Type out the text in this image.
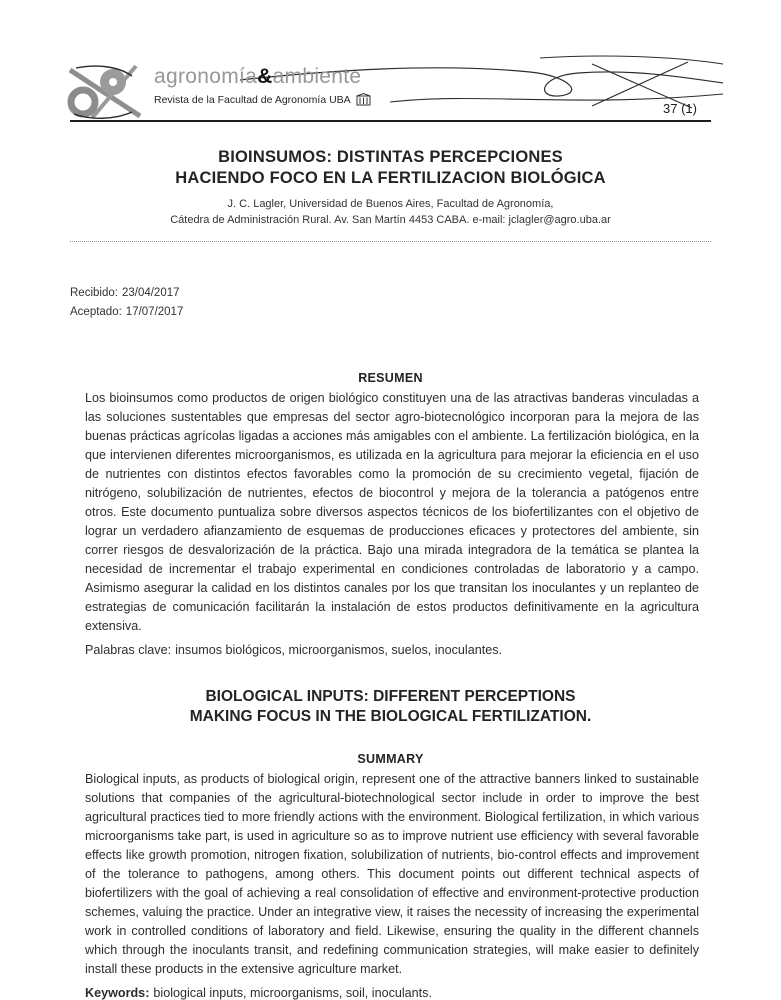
agronomía&ambiente
Revista de la Facultad de Agronomía UBA
37 (1)
BIOINSUMOS: DISTINTAS PERCEPCIONES
HACIENDO FOCO EN LA FERTILIZACION BIOLÓGICA
J. C. Lagler, Universidad de Buenos Aires, Facultad de Agronomía,
Cátedra de Administración Rural. Av. San Martín 4453 CABA. e-mail: jclagler@agro.uba.ar
Recibido: 23/04/2017
Aceptado: 17/07/2017
RESUMEN

Los bioinsumos como productos de origen biológico constituyen una de las atractivas banderas vinculadas a las soluciones sustentables que empresas del sector agro-biotecnológico incorporan para la mejora de las buenas prácticas agrícolas ligadas a acciones más amigables con el ambiente. La fertilización biológica, en la que intervienen diferentes microorganismos, es utilizada en la agricultura para mejorar la eficiencia en el uso de nutrientes con distintos efectos favorables como la promoción de su crecimiento vegetal, fijación de nitrógeno, solubilización de nutrientes, efectos de biocontrol y mejora de la tolerancia a patógenos entre otros. Este documento puntualiza sobre diversos aspectos técnicos de los biofertilizantes con el objetivo de lograr un verdadero afianzamiento de esquemas de producciones eficaces y protectores del ambiente, sin correr riesgos de desvalorización de la práctica. Bajo una mirada integradora de la temática se plantea la necesidad de incrementar el trabajo experimental en condiciones controladas de laboratorio y a campo. Asimismo asegurar la calidad en los distintos canales por los que transitan los inoculantes y un replanteo de estrategias de comunicación facilitarán la instalación de estos productos definitivamente en la agricultura extensiva.

Palabras clave: insumos biológicos, microorganismos, suelos, inoculantes.
BIOLOGICAL INPUTS: DIFFERENT PERCEPTIONS
MAKING FOCUS IN THE BIOLOGICAL FERTILIZATION.
SUMMARY

Biological inputs, as products of biological origin, represent one of the attractive banners linked to sustainable solutions that companies of the agricultural-biotechnological sector include in order to improve the best agricultural practices tied to more friendly actions with the environment. Biological fertilization, in which various microorganisms take part, is used in agriculture so as to improve nutrient use efficiency with several favorable effects like growth promotion, nitrogen fixation, solubilization of nutrients, bio-control effects and improvement of the tolerance to pathogens, among others. This document points out different technical aspects of biofertilizers with the goal of achieving a real consolidation of effective and environment-protective production schemes, valuing the practice. Under an integrative view, it raises the necessity of increasing the experimental work in controlled conditions of laboratory and field. Likewise, ensuring the quality in the different channels which through the inoculants transit, and redefining communication strategies, will make easier to definitely install these products in the extensive agriculture market.

Keywords: biological inputs, microorganisms, soil, inoculants.
